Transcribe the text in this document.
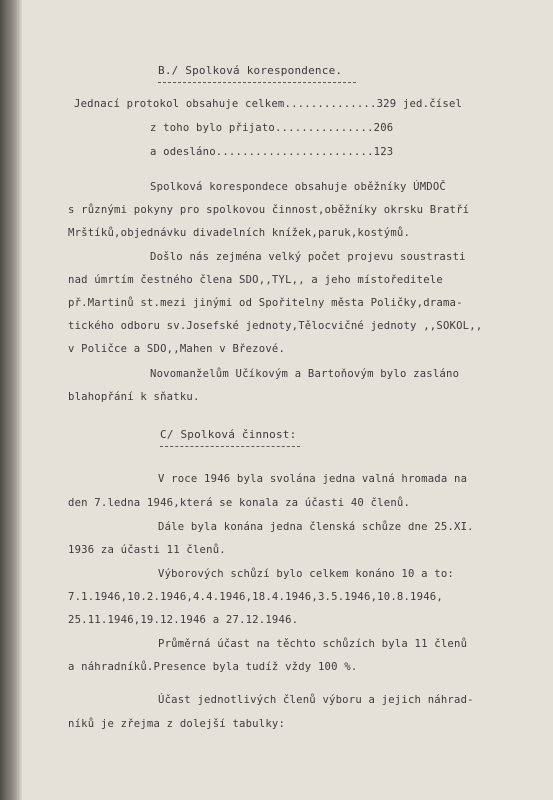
B./ Spolková korespondence.
Jednací protokol obsahuje celkem..............329 jed.čísel
z toho bylo přijato...............206
a odesláno........................123
Spolková korespondece obsahuje oběžníky ÚMDOČ
s různými pokyny pro spolkovou činnost,oběžníky okrsku Bratří
Mrštíků,objednávku divadelních knížek,paruk,kostýmů.
Došlo nás zejména velký počet projevu soustrasti
nad úmrtím čestného člena SDO,,TYL,, a jeho místoředitele
př.Martinů st.mezi jinými od Spořitelny města Poličky,drama-
tického odboru sv.Josefské jednoty,Tělocvičné jednoty ,,SOKOL,,
v Poličce a SDO,,Mahen v Březové.
Novomanželům Učíkovým a Bartoňovým bylo zasláno
blahopřání k sňatku.
C/ Spolková činnost:
V roce 1946 byla svolána jedna valná hromada na
den 7.ledna 1946,která se konala za účasti 40 členů.
Dále byla konána jedna členská schůze dne 25.XI.
1936 za účasti 11 členů.
Výborových schůzí bylo celkem konáno 10 a to:
7.1.1946,10.2.1946,4.4.1946,18.4.1946,3.5.1946,10.8.1946,
25.11.1946,19.12.1946 a 27.12.1946.
Průměrná účast na těchto schůzích byla 11 členů
a náhradníků.Presence byla tudíž vždy 100 %.
Účast jednotlivých členů výboru a jejich náhrad-
níků je zřejma z dolejší tabulky:
